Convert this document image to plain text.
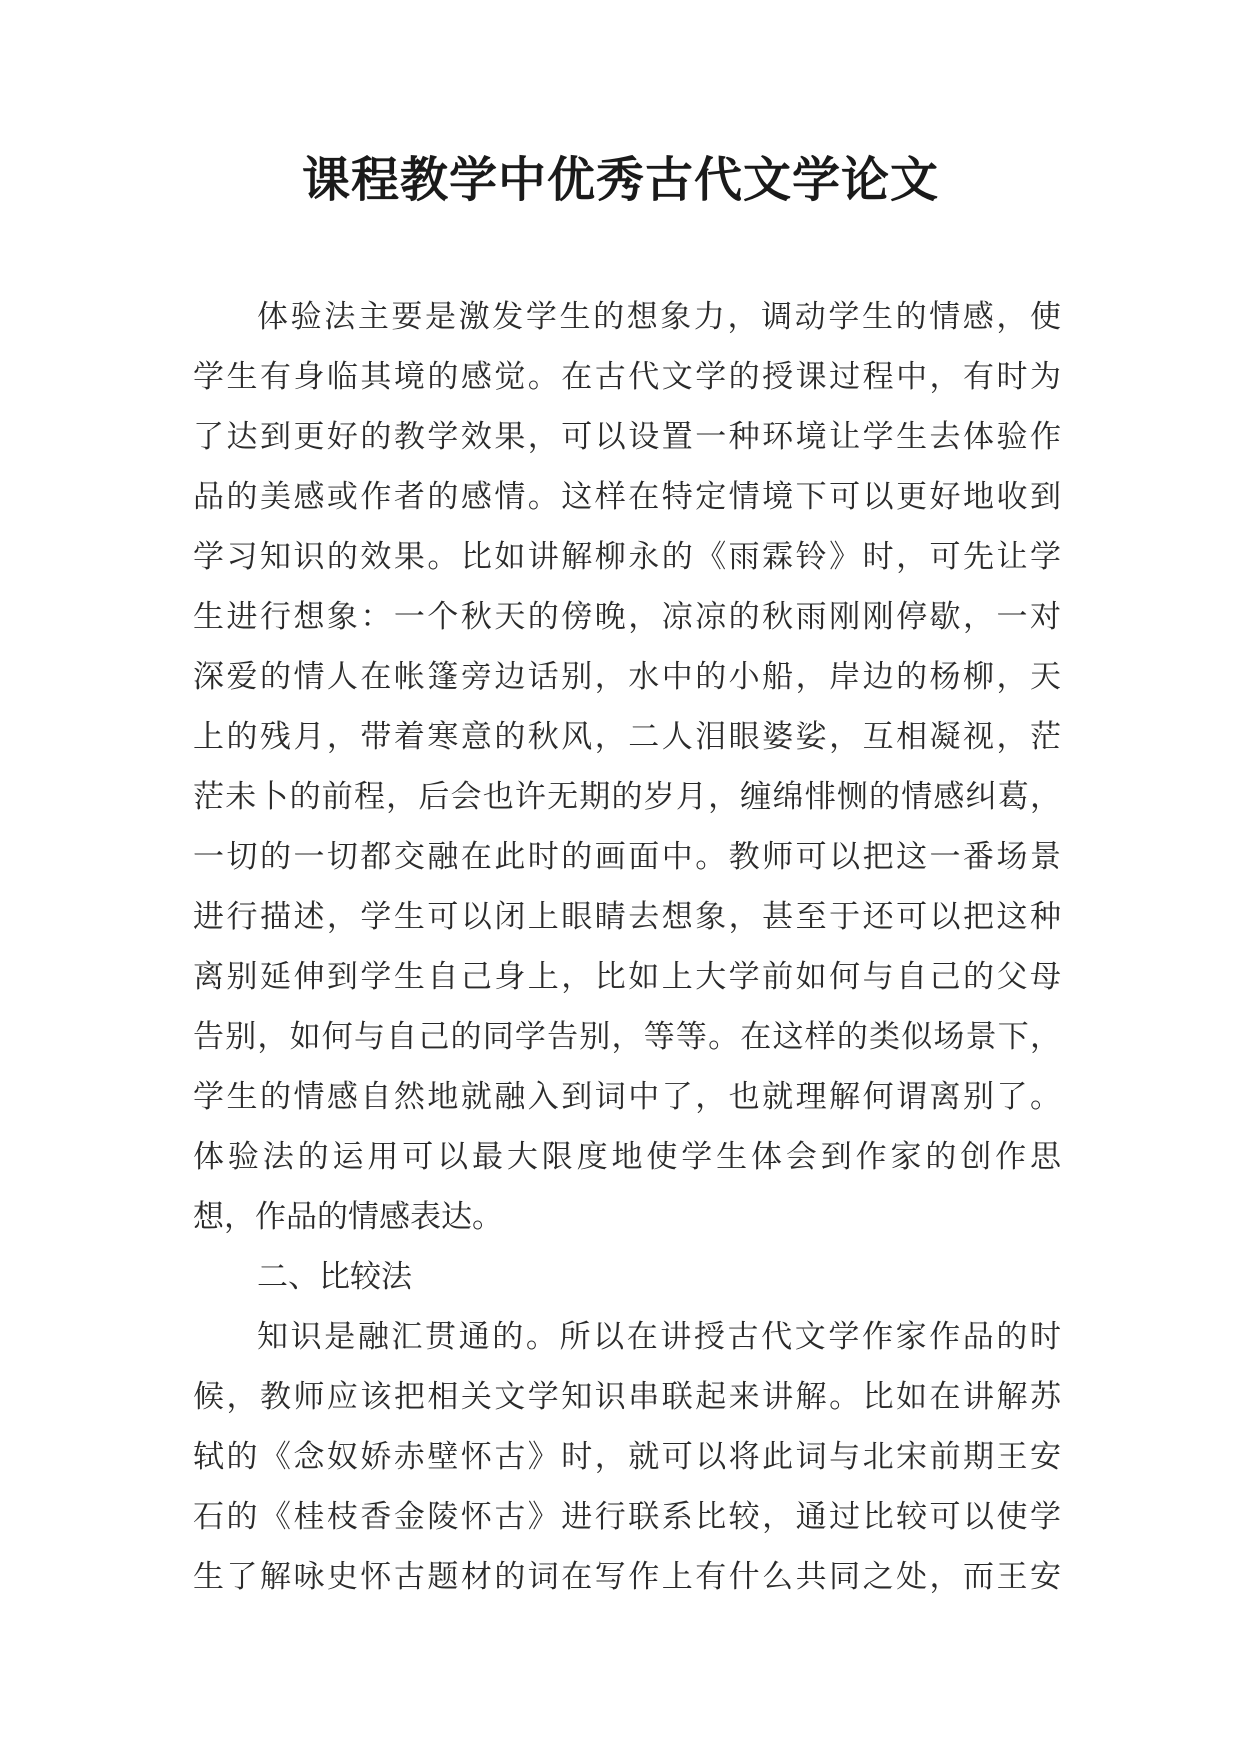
课程教学中优秀古代文学论文
体验法主要是激发学生的想象力，调动学生的情感，使
学生有身临其境的感觉。在古代文学的授课过程中，有时为
了达到更好的教学效果，可以设置一种环境让学生去体验作
品的美感或作者的感情。这样在特定情境下可以更好地收到
学习知识的效果。比如讲解柳永的《雨霖铃》时，可先让学
生进行想象：一个秋天的傍晚，凉凉的秋雨刚刚停歇，一对
深爱的情人在帐篷旁边话别，水中的小船，岸边的杨柳，天
上的残月，带着寒意的秋风，二人泪眼婆娑，互相凝视，茫
茫未卜的前程，后会也许无期的岁月，缠绵悱恻的情感纠葛，
一切的一切都交融在此时的画面中。教师可以把这一番场景
进行描述，学生可以闭上眼睛去想象，甚至于还可以把这种
离别延伸到学生自己身上，比如上大学前如何与自己的父母
告别，如何与自己的同学告别，等等。在这样的类似场景下，
学生的情感自然地就融入到词中了，也就理解何谓离别了。
体验法的运用可以最大限度地使学生体会到作家的创作思
想，作品的情感表达。
二、比较法
知识是融汇贯通的。所以在讲授古代文学作家作品的时
候，教师应该把相关文学知识串联起来讲解。比如在讲解苏
轼的《念奴娇赤壁怀古》时，就可以将此词与北宋前期王安
石的《桂枝香金陵怀古》进行联系比较，通过比较可以使学
生了解咏史怀古题材的词在写作上有什么共同之处，而王安
